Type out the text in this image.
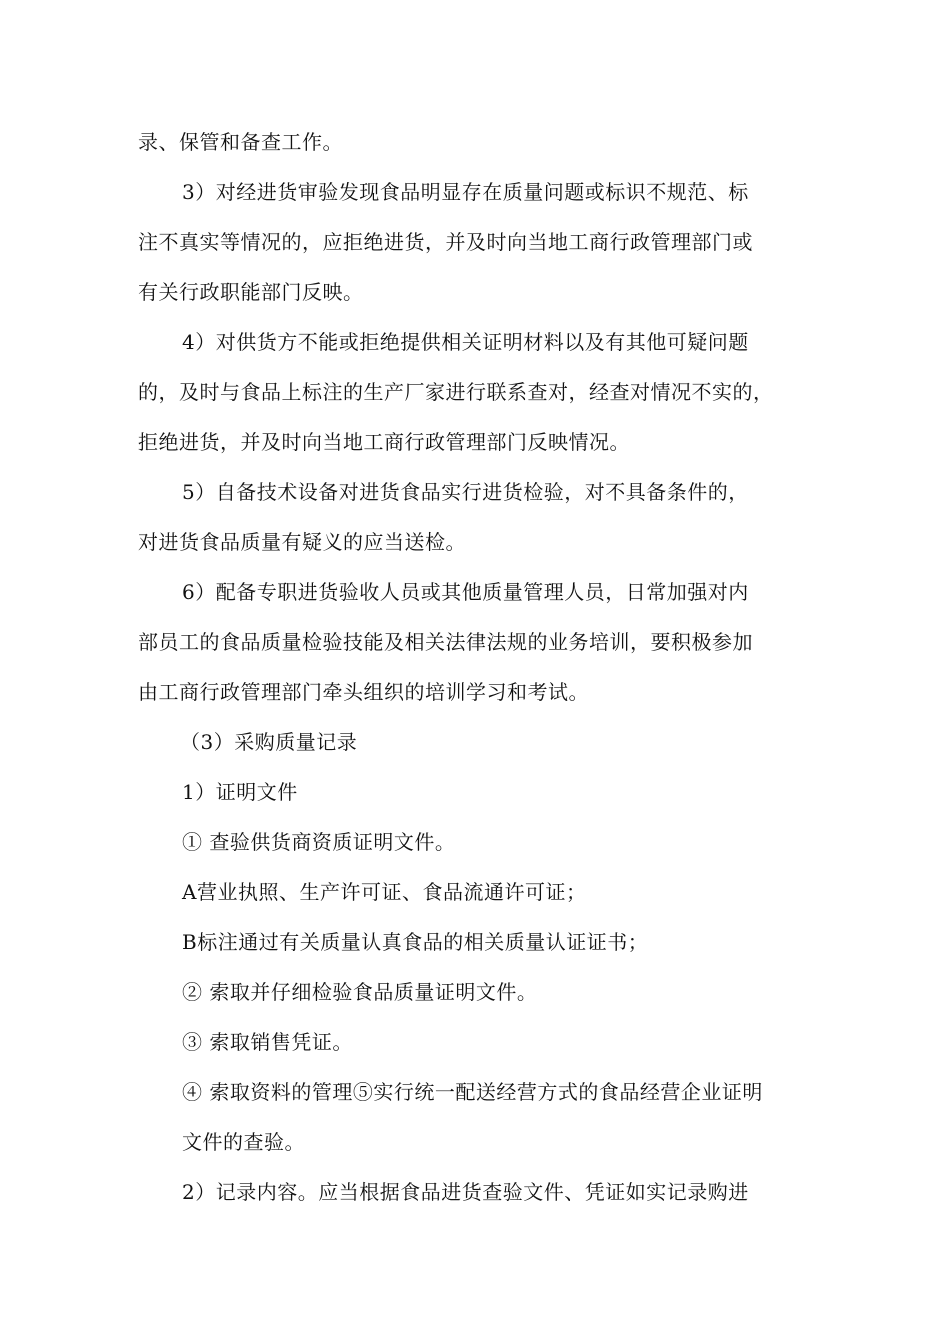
录、保管和备查工作。
3）对经进货审验发现食品明显存在质量问题或标识不规范、标
注不真实等情况的，应拒绝进货，并及时向当地工商行政管理部门或
有关行政职能部门反映。
4）对供货方不能或拒绝提供相关证明材料以及有其他可疑问题
的，及时与食品上标注的生产厂家进行联系查对，经查对情况不实的，
拒绝进货，并及时向当地工商行政管理部门反映情况。
5）自备技术设备对进货食品实行进货检验，对不具备条件的，
对进货食品质量有疑义的应当送检。
6）配备专职进货验收人员或其他质量管理人员，日常加强对内
部员工的食品质量检验技能及相关法律法规的业务培训，要积极参加
由工商行政管理部门牵头组织的培训学习和考试。
（3）采购质量记录
1）证明文件
① 查验供货商资质证明文件。
A营业执照、生产许可证、食品流通许可证；
B标注通过有关质量认真食品的相关质量认证证书；
② 索取并仔细检验食品质量证明文件。
③ 索取销售凭证。
④ 索取资料的管理⑤实行统一配送经营方式的食品经营企业证明
文件的查验。
2）记录内容。应当根据食品进货查验文件、凭证如实记录购进
